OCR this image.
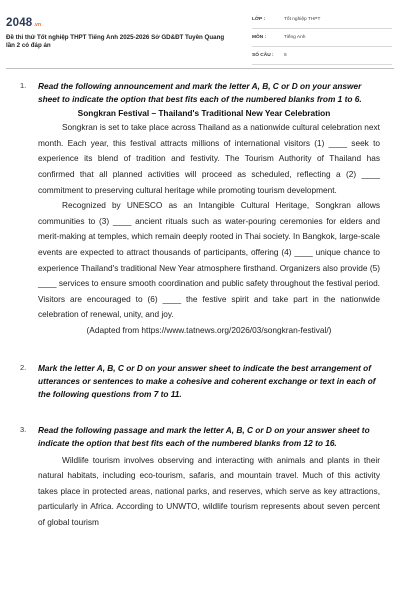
2048.vn
Đề thi thử Tốt nghiệp THPT Tiếng Anh 2025-2026 Sở GD&ĐT Tuyên Quang lần 2 có đáp án
LỚP :	Tốt nghiệp THPT
MÔN :	Tiếng Anh
SỐ CÂU : 6
1. Read the following announcement and mark the letter A, B, C or D on your answer sheet to indicate the option that best fits each of the numbered blanks from 1 to 6.
Songkran Festival – Thailand's Traditional New Year Celebration
Songkran is set to take place across Thailand as a nationwide cultural celebration next month. Each year, this festival attracts millions of international visitors (1) ____ seek to experience its blend of tradition and festivity. The Tourism Authority of Thailand has confirmed that all planned activities will proceed as scheduled, reflecting a (2) ____ commitment to preserving cultural heritage while promoting tourism development.
Recognized by UNESCO as an Intangible Cultural Heritage, Songkran allows communities to (3) ____ ancient rituals such as water-pouring ceremonies for elders and merit-making at temples, which remain deeply rooted in Thai society. In Bangkok, large-scale events are expected to attract thousands of participants, offering (4) ____ unique chance to experience Thailand's traditional New Year atmosphere firsthand. Organizers also provide (5) ____ services to ensure smooth coordination and public safety throughout the festival period. Visitors are encouraged to (6) ____ the festive spirit and take part in the nationwide celebration of renewal, unity, and joy.
(Adapted from https://www.tatnews.org/2026/03/songkran-festival/)
2. Mark the letter A, B, C or D on your answer sheet to indicate the best arrangement of utterances or sentences to make a cohesive and coherent exchange or text in each of the following questions from 7 to 11.
3. Read the following passage and mark the letter A, B, C or D on your answer sheet to indicate the option that best fits each of the numbered blanks from 12 to 16.
Wildlife tourism involves observing and interacting with animals and plants in their natural habitats, including eco-tourism, safaris, and mountain travel. Much of this activity takes place in protected areas, national parks, and reserves, which serve as key attractions, particularly in Africa. According to UNWTO, wildlife tourism represents about seven percent of global tourism
